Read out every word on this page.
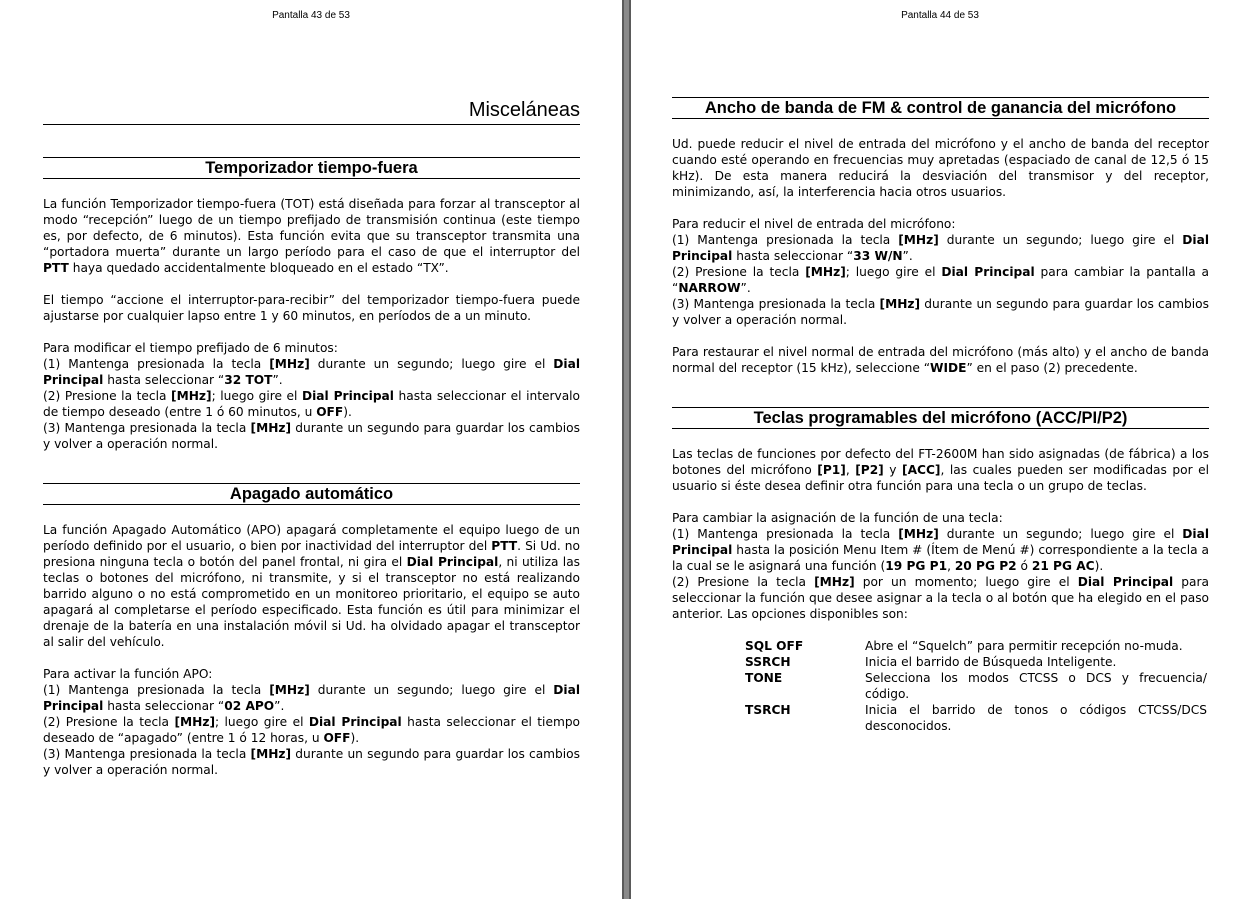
Pantalla 43 de 53
Misceláneas
Temporizador tiempo-fuera

La función Temporizador tiempo-fuera (TOT) está diseñada para forzar al transceptor al modo “recepción” luego de un tiempo prefijado de transmisión continua (este tiempo es, por defecto, de 6 minutos). Esta función evita que su transceptor transmita una “portadora muerta” durante un largo período para el caso de que el interruptor del PTT haya quedado accidentalmente bloqueado en el estado “TX”.

El tiempo “accione el interruptor-para-recibir” del temporizador tiempo-fuera puede ajustarse por cualquier lapso entre 1 y 60 minutos, en períodos de a un minuto.

Para modificar el tiempo prefijado de 6 minutos:

(1) Mantenga presionada la tecla [MHz] durante un segundo; luego gire el Dial Principal hasta seleccionar “32 TOT”.

(2) Presione la tecla [MHz]; luego gire el Dial Principal hasta seleccionar el intervalo de tiempo deseado (entre 1 ó 60 minutos, u OFF).

(3) Mantenga presionada la tecla [MHz] durante un segundo para guardar los cambios y volver a operación normal.

Apagado automático

La función Apagado Automático (APO) apagará completamente el equipo luego de un período definido por el usuario, o bien por inactividad del interruptor del PTT. Si Ud. no presiona ninguna tecla o botón del panel frontal, ni gira el Dial Principal, ni utiliza las teclas o botones del micrófono, ni transmite, y si el transceptor no está realizando barrido alguno o no está comprometido en un monitoreo prioritario, el equipo se auto apagará al completarse el período especificado. Esta función es útil para minimizar el drenaje de la batería en una instalación móvil si Ud. ha olvidado apagar el transceptor al salir del vehículo.

Para activar la función APO:

(1) Mantenga presionada la tecla [MHz] durante un segundo; luego gire el Dial Principal hasta seleccionar “02 APO”.

(2) Presione la tecla [MHz]; luego gire el Dial Principal hasta seleccionar el tiempo deseado de “apagado” (entre 1 ó 12 horas, u OFF).

(3) Mantenga presionada la tecla [MHz] durante un segundo para guardar los cambios y volver a operación normal.

Pantalla 44 de 53
Ancho de banda de FM & control de ganancia del micrófono

Ud. puede reducir el nivel de entrada del micrófono y el ancho de banda del receptor cuando esté operando en frecuencias muy apretadas (espaciado de canal de 12,5 ó 15 kHz). De esta manera reducirá la desviación del transmisor y del receptor, minimizando, así, la interferencia hacia otros usuarios.

Para reducir el nivel de entrada del micrófono:

(1) Mantenga presionada la tecla [MHz] durante un segundo; luego gire el Dial Principal hasta seleccionar “33 W/N”.

(2) Presione la tecla [MHz]; luego gire el Dial Principal para cambiar la pantalla a “NARROW”.

(3) Mantenga presionada la tecla [MHz] durante un segundo para guardar los cambios y volver a operación normal.

Para restaurar el nivel normal de entrada del micrófono (más alto) y el ancho de banda normal del receptor (15 kHz), seleccione “WIDE” en el paso (2) precedente.

Teclas programables del micrófono (ACC/PI/P2)

Las teclas de funciones por defecto del FT-2600M han sido asignadas (de fábrica) a los botones del micrófono [P1], [P2] y [ACC], las cuales pueden ser modificadas por el usuario si éste desea definir otra función para una tecla o un grupo de teclas.

Para cambiar la asignación de la función de una tecla:

(1) Mantenga presionada la tecla [MHz] durante un segundo; luego gire el Dial Principal hasta la posición Menu Item # (Ítem de Menú #) correspondiente a la tecla a la cual se le asignará una función (19 PG P1, 20 PG P2 ó 21 PG AC).

(2) Presione la tecla [MHz] por un momento; luego gire el Dial Principal para seleccionar la función que desee asignar a la tecla o al botón que ha elegido en el paso anterior. Las opciones disponibles son:

SQL OFF	Abre el “Squelch” para permitir recepción no-muda.
SSRCH	Inicia el barrido de Búsqueda Inteligente.
TONE	Selecciona los modos CTCSS o DCS y frecuencia/ código.
TSRCH	Inicia el barrido de tonos o códigos CTCSS/DCS desconocidos.
